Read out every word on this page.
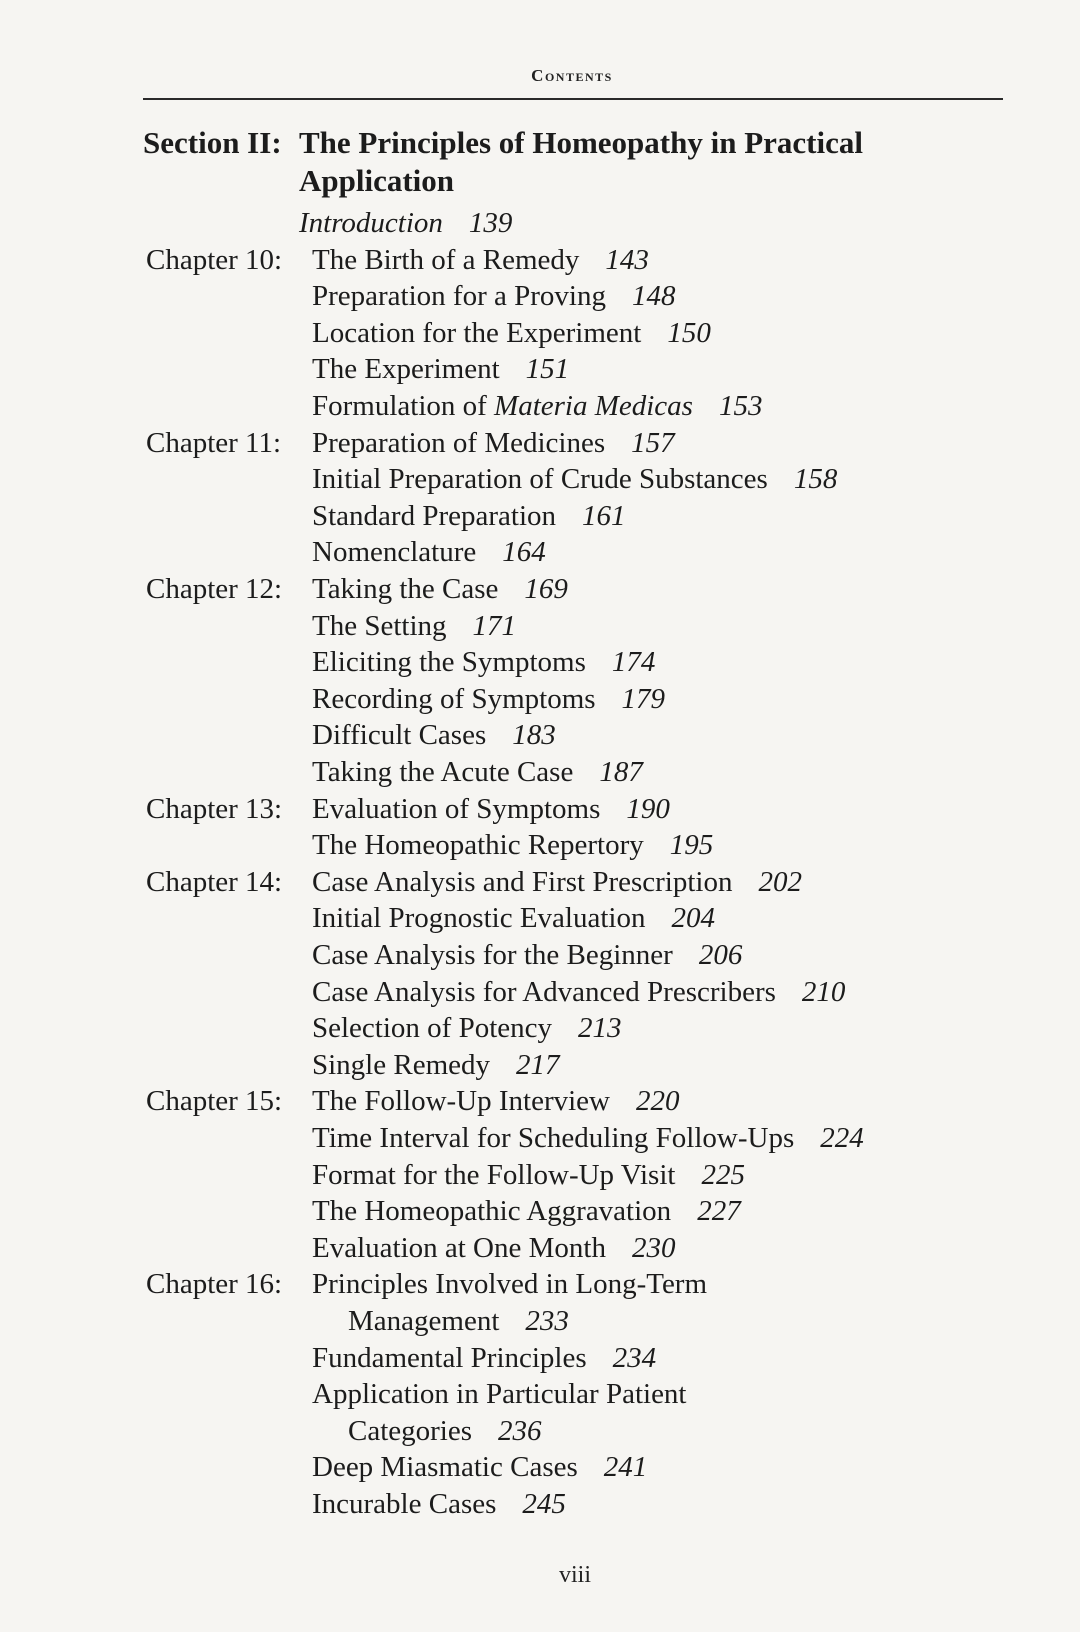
Contents
Section II: The Principles of Homeopathy in Practical Application
Introduction 139
Chapter 10: The Birth of a Remedy 143
Preparation for a Proving 148
Location for the Experiment 150
The Experiment 151
Formulation of Materia Medicas 153
Chapter 11: Preparation of Medicines 157
Initial Preparation of Crude Substances 158
Standard Preparation 161
Nomenclature 164
Chapter 12: Taking the Case 169
The Setting 171
Eliciting the Symptoms 174
Recording of Symptoms 179
Difficult Cases 183
Taking the Acute Case 187
Chapter 13: Evaluation of Symptoms 190
The Homeopathic Repertory 195
Chapter 14: Case Analysis and First Prescription 202
Initial Prognostic Evaluation 204
Case Analysis for the Beginner 206
Case Analysis for Advanced Prescribers 210
Selection of Potency 213
Single Remedy 217
Chapter 15: The Follow-Up Interview 220
Time Interval for Scheduling Follow-Ups 224
Format for the Follow-Up Visit 225
The Homeopathic Aggravation 227
Evaluation at One Month 230
Chapter 16: Principles Involved in Long-Term
Management 233
Fundamental Principles 234
Application in Particular Patient
Categories 236
Deep Miasmatic Cases 241
Incurable Cases 245
viii
